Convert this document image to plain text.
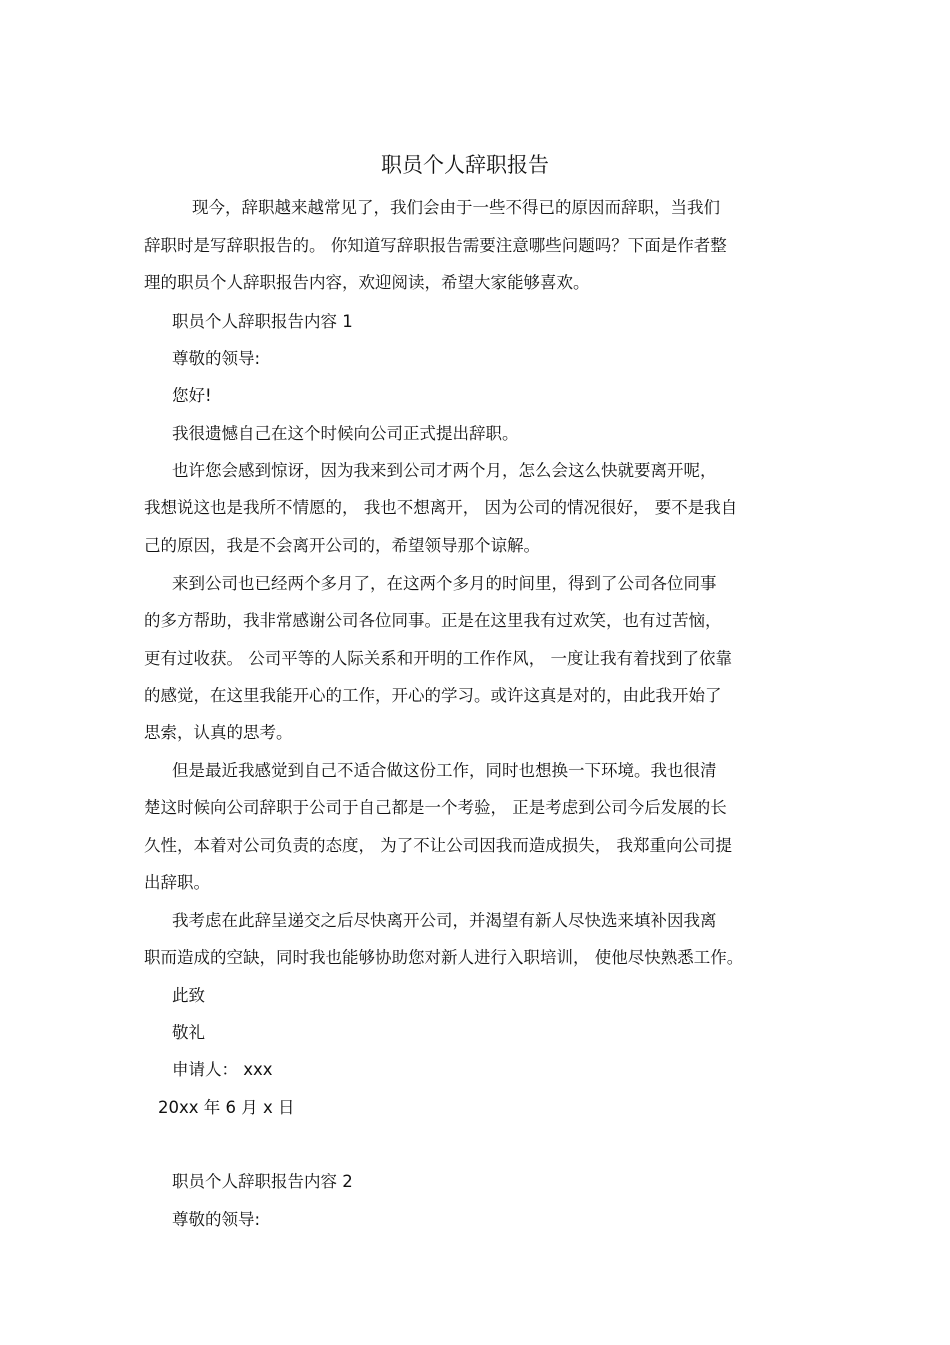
职员个人辞职报告
现今，辞职越来越常见了，我们会由于一些不得已的原因而辞职，当我们
辞职时是写辞职报告的。 你知道写辞职报告需要注意哪些问题吗？下面是作者整
理的职员个人辞职报告内容，欢迎阅读，希望大家能够喜欢。
职员个人辞职报告内容 1
尊敬的领导:
您好!
我很遗憾自己在这个时候向公司正式提出辞职。
也许您会感到惊讶，因为我来到公司才两个月，怎么会这么快就要离开呢，
我想说这也是我所不情愿的， 我也不想离开， 因为公司的情况很好， 要不是我自
己的原因，我是不会离开公司的，希望领导那个谅解。
来到公司也已经两个多月了，在这两个多月的时间里，得到了公司各位同事
的多方帮助，我非常感谢公司各位同事。正是在这里我有过欢笑，也有过苦恼，
更有过收获。 公司平等的人际关系和开明的工作作风， 一度让我有着找到了依靠
的感觉，在这里我能开心的工作，开心的学习。或许这真是对的，由此我开始了
思索，认真的思考。
但是最近我感觉到自己不适合做这份工作，同时也想换一下环境。我也很清
楚这时候向公司辞职于公司于自己都是一个考验， 正是考虑到公司今后发展的长
久性，本着对公司负责的态度， 为了不让公司因我而造成损失， 我郑重向公司提
出辞职。
我考虑在此辞呈递交之后尽快离开公司，并渴望有新人尽快选来填补因我离
职而造成的空缺，同时我也能够协助您对新人进行入职培训， 使他尽快熟悉工作。
此致
敬礼
申请人： xxx
20xx 年 6 月 x 日
职员个人辞职报告内容 2
尊敬的领导:
